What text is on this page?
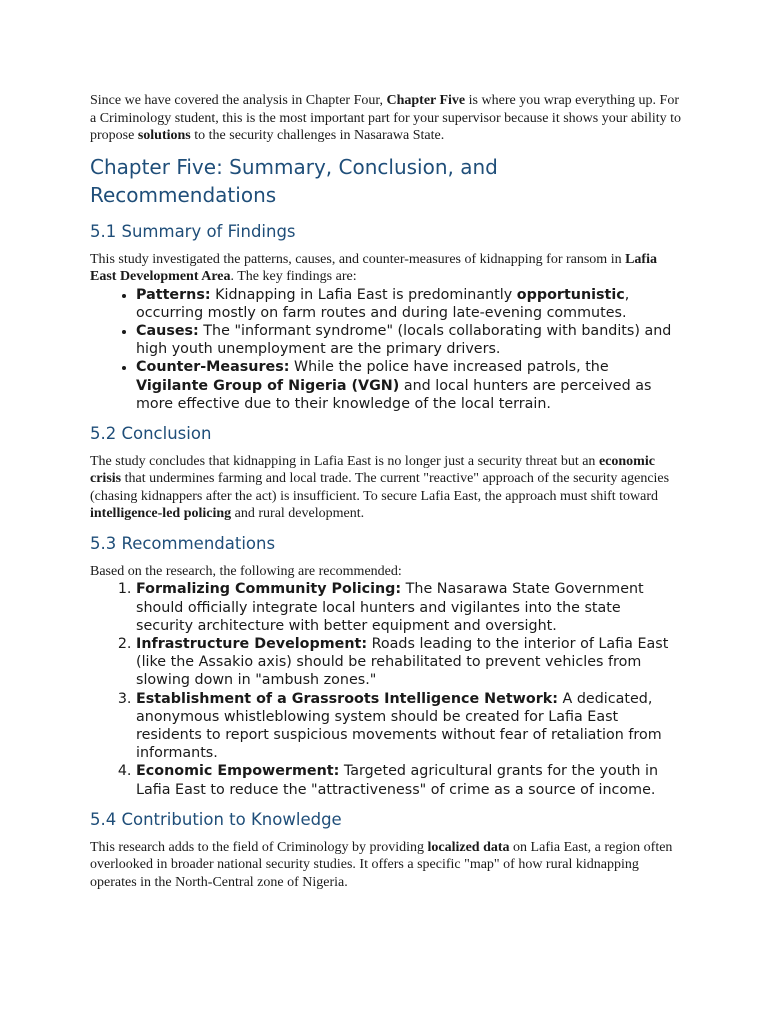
Since we have covered the analysis in Chapter Four, Chapter Five is where you wrap everything up. For a Criminology student, this is the most important part for your supervisor because it shows your ability to propose solutions to the security challenges in Nasarawa State.

Chapter Five: Summary, Conclusion, and Recommendations
5.1 Summary of Findings

This study investigated the patterns, causes, and counter-measures of kidnapping for ransom in Lafia East Development Area. The key findings are:

• Patterns: Kidnapping in Lafia East is predominantly opportunistic, occurring mostly on farm routes and during late-evening commutes.
• Causes: The "informant syndrome" (locals collaborating with bandits) and high youth unemployment are the primary drivers.
• Counter-Measures: While the police have increased patrols, the Vigilante Group of Nigeria (VGN) and local hunters are perceived as more effective due to their knowledge of the local terrain.
5.2 Conclusion

The study concludes that kidnapping in Lafia East is no longer just a security threat but an economic crisis that undermines farming and local trade. The current "reactive" approach of the security agencies (chasing kidnappers after the act) is insufficient. To secure Lafia East, the approach must shift toward intelligence-led policing and rural development.

5.3 Recommendations

Based on the research, the following are recommended:

1. Formalizing Community Policing: The Nasarawa State Government should officially integrate local hunters and vigilantes into the state security architecture with better equipment and oversight.
2. Infrastructure Development: Roads leading to the interior of Lafia East (like the Assakio axis) should be rehabilitated to prevent vehicles from slowing down in "ambush zones."
3. Establishment of a Grassroots Intelligence Network: A dedicated, anonymous whistleblowing system should be created for Lafia East residents to report suspicious movements without fear of retaliation from informants.
4. Economic Empowerment: Targeted agricultural grants for the youth in Lafia East to reduce the "attractiveness" of crime as a source of income.
5.4 Contribution to Knowledge

This research adds to the field of Criminology by providing localized data on Lafia East, a region often overlooked in broader national security studies. It offers a specific "map" of how rural kidnapping operates in the North-Central zone of Nigeria.
